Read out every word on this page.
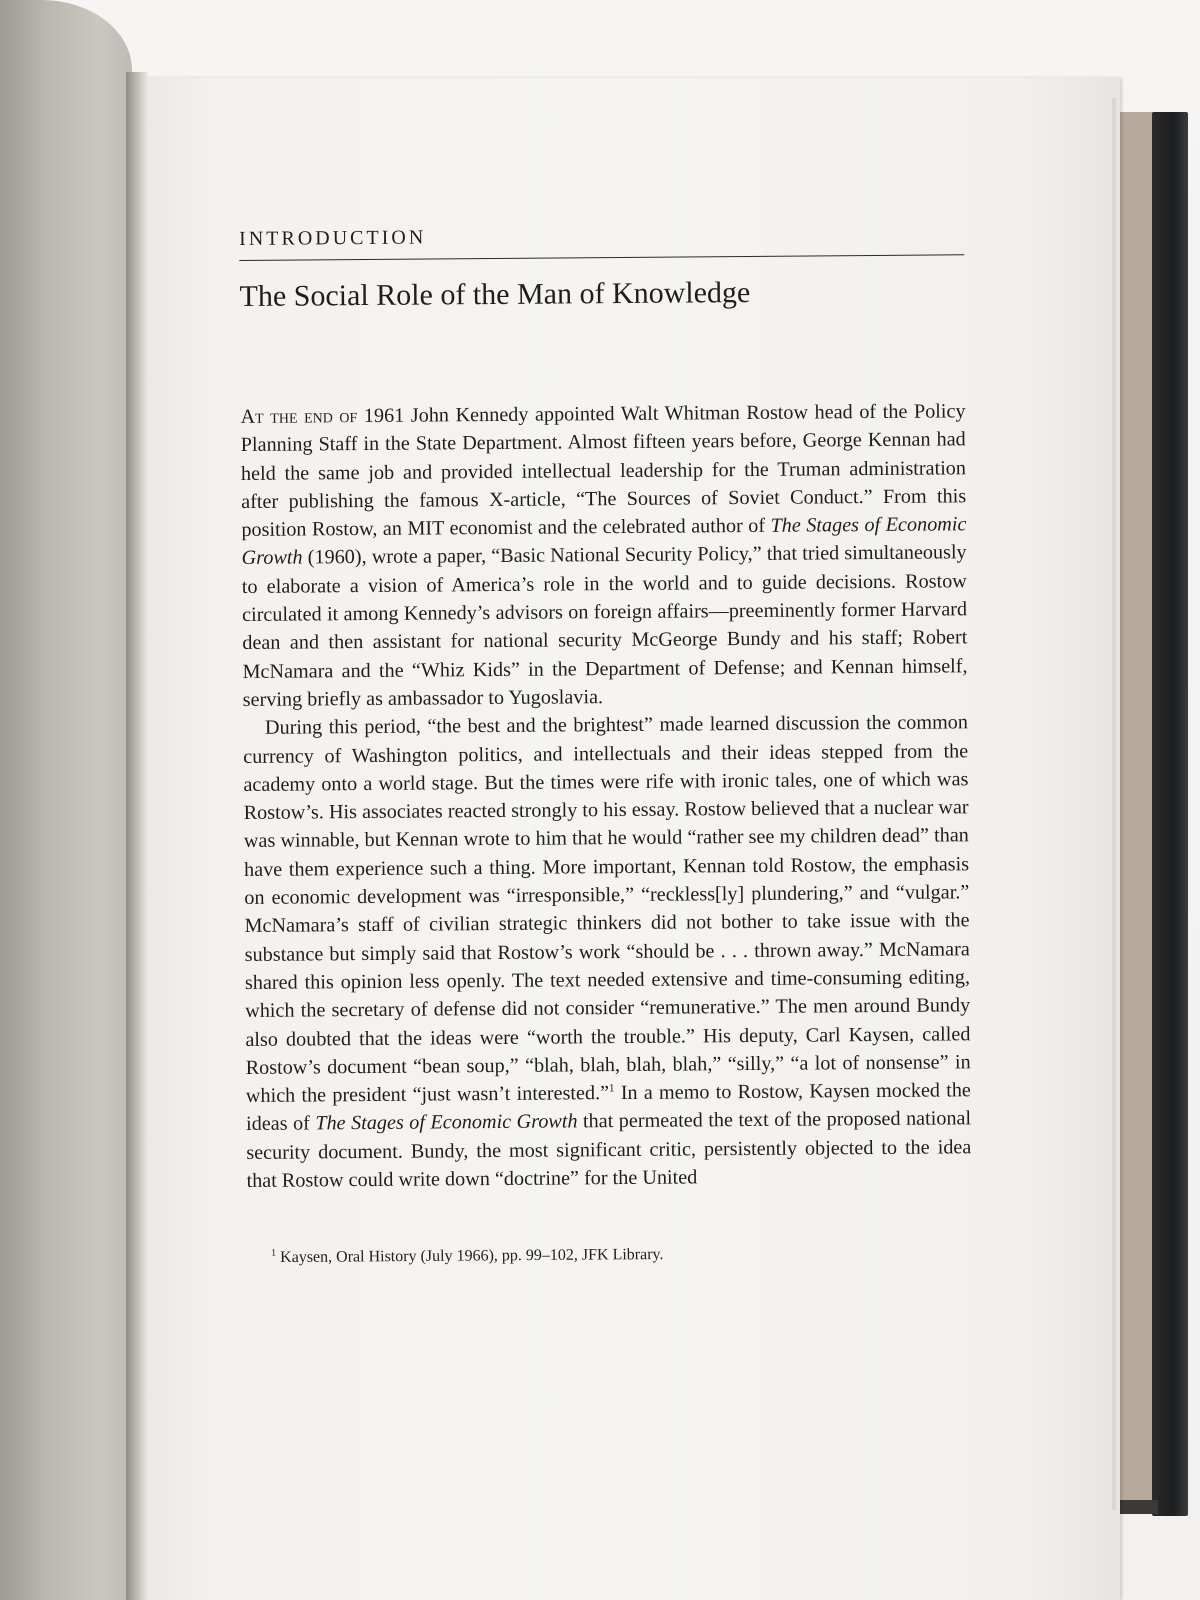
INTRODUCTION
The Social Role of the Man of Knowledge

At the end of 1961 John Kennedy appointed Walt Whitman Rostow head of the Policy Planning Staff in the State Department. Almost fifteen years before, George Kennan had held the same job and provided intellectual leadership for the Truman administration after publishing the famous X-article, “The Sources of Soviet Conduct.” From this position Rostow, an MIT economist and the celebrated author of The Stages of Economic Growth (1960), wrote a paper, “Basic National Security Policy,” that tried simultaneously to elaborate a vision of America’s role in the world and to guide decisions. Rostow circulated it among Kennedy’s advisors on foreign affairs—preeminently former Harvard dean and then assistant for national security McGeorge Bundy and his staff; Robert McNamara and the “Whiz Kids” in the Department of Defense; and Kennan himself, serving briefly as ambassador to Yugoslavia.

During this period, “the best and the brightest” made learned discussion the common currency of Washington politics, and intellectuals and their ideas stepped from the academy onto a world stage. But the times were rife with ironic tales, one of which was Rostow’s. His associates reacted strongly to his essay. Rostow believed that a nuclear war was winnable, but Kennan wrote to him that he would “rather see my children dead” than have them experience such a thing. More important, Kennan told Rostow, the emphasis on economic development was “irresponsible,” “reckless[ly] plundering,” and “vulgar.” McNamara’s staff of civilian strategic thinkers did not bother to take issue with the substance but simply said that Rostow’s work “should be . . . thrown away.” McNamara shared this opinion less openly. The text needed extensive and time-consuming editing, which the secretary of defense did not consider “remunerative.” The men around Bundy also doubted that the ideas were “worth the trouble.” His deputy, Carl Kaysen, called Rostow’s document “bean soup,” “blah, blah, blah, blah,” “silly,” “a lot of nonsense” in which the president “just wasn’t interested.”$^1$ In a memo to Rostow, Kaysen mocked the ideas of The Stages of Economic Growth that permeated the text of the proposed national security document. Bundy, the most significant critic, persistently objected to the idea that Rostow could write down “doctrine” for the United

$^1$ Kaysen, Oral History (July 1966), pp. 99–102, JFK Library.
